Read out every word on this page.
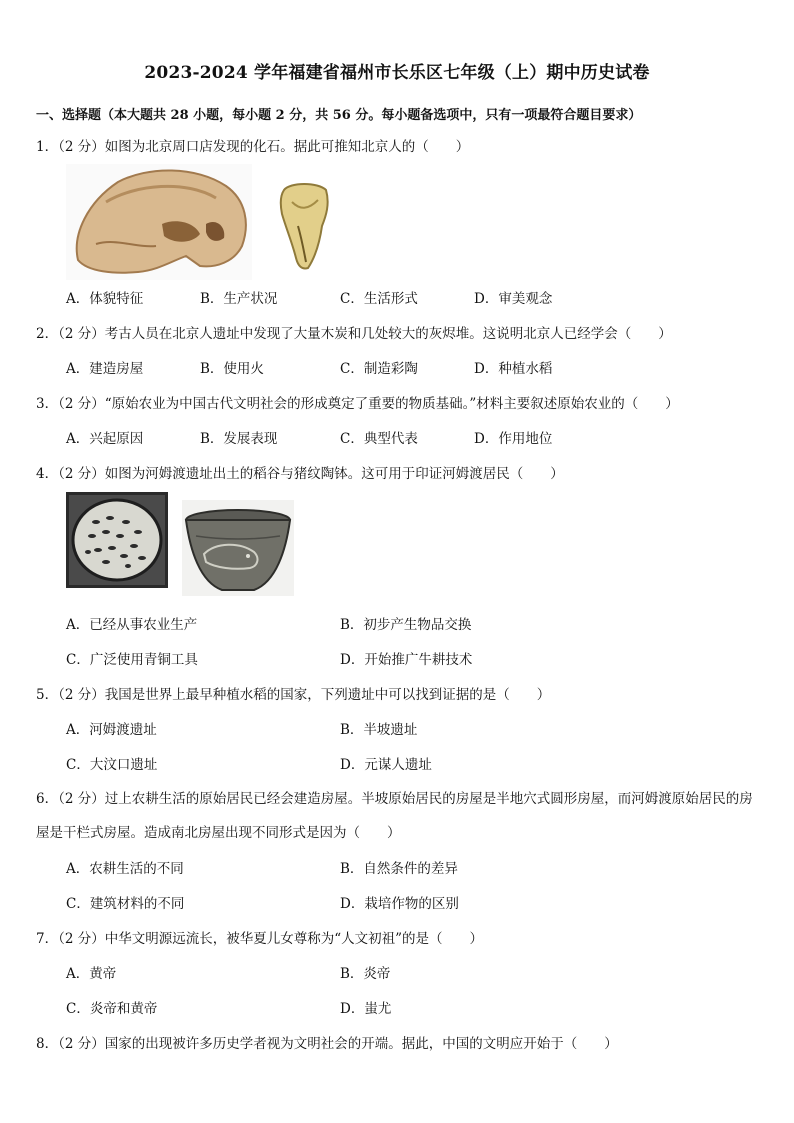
2023-2024 学年福建省福州市长乐区七年级（上）期中历史试卷
一、选择题（本大题共 28 小题，每小题 2 分，共 56 分。每小题备选项中，只有一项最符合题目要求）
1．（2 分）如图为北京周口店发现的化石。据此可推知北京人的（　　）
A．体貌特征	B．生产状况	C．生活形式	D．审美观念
2．（2 分）考古人员在北京人遗址中发现了大量木炭和几处较大的灰烬堆。这说明北京人已经学会（　　）
A．建造房屋	B．使用火	C．制造彩陶	D．种植水稻
3．（2 分）“原始农业为中国古代文明社会的形成奠定了重要的物质基础。”材料主要叙述原始农业的（　　）
A．兴起原因	B．发展表现	C．典型代表	D．作用地位
4．（2 分）如图为河姆渡遗址出土的稻谷与猪纹陶钵。这可用于印证河姆渡居民（　　）
A．已经从事农业生产	B．初步产生物品交换
C．广泛使用青铜工具	D．开始推广牛耕技术
5．（2 分）我国是世界上最早种植水稻的国家，下列遗址中可以找到证据的是（　　）
A．河姆渡遗址	B．半坡遗址
C．大汶口遗址	D．元谋人遗址
6．（2 分）过上农耕生活的原始居民已经会建造房屋。半坡原始居民的房屋是半地穴式圆形房屋，而河姆渡原始居民的房屋是干栏式房屋。造成南北房屋出现不同形式是因为（　　）
A．农耕生活的不同	B．自然条件的差异
C．建筑材料的不同	D．栽培作物的区别
7．（2 分）中华文明源远流长，被华夏儿女尊称为“人文初祖”的是（　　）
A．黄帝	B．炎帝
C．炎帝和黄帝	D．蚩尤
8．（2 分）国家的出现被许多历史学者视为文明社会的开端。据此，中国的文明应开始于（　　）
